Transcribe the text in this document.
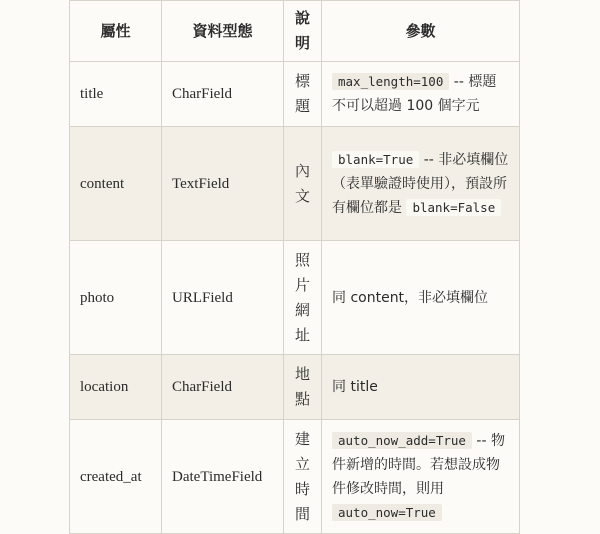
屬性	資料型態	說明	參數
title	CharField	標題	max_length=100 -- 標題不可以超過 100 個字元
content	TextField	內文	blank=True -- 非必填欄位（表單驗證時使用），預設所有欄位都是 blank=False
photo	URLField	照片網址	同 content，非必填欄位
location	CharField	地點	同 title
created_at	DateTimeField	建立時間	auto_now_add=True -- 物件新增的時間。若想設成物件修改時間，則用 auto_now=True
